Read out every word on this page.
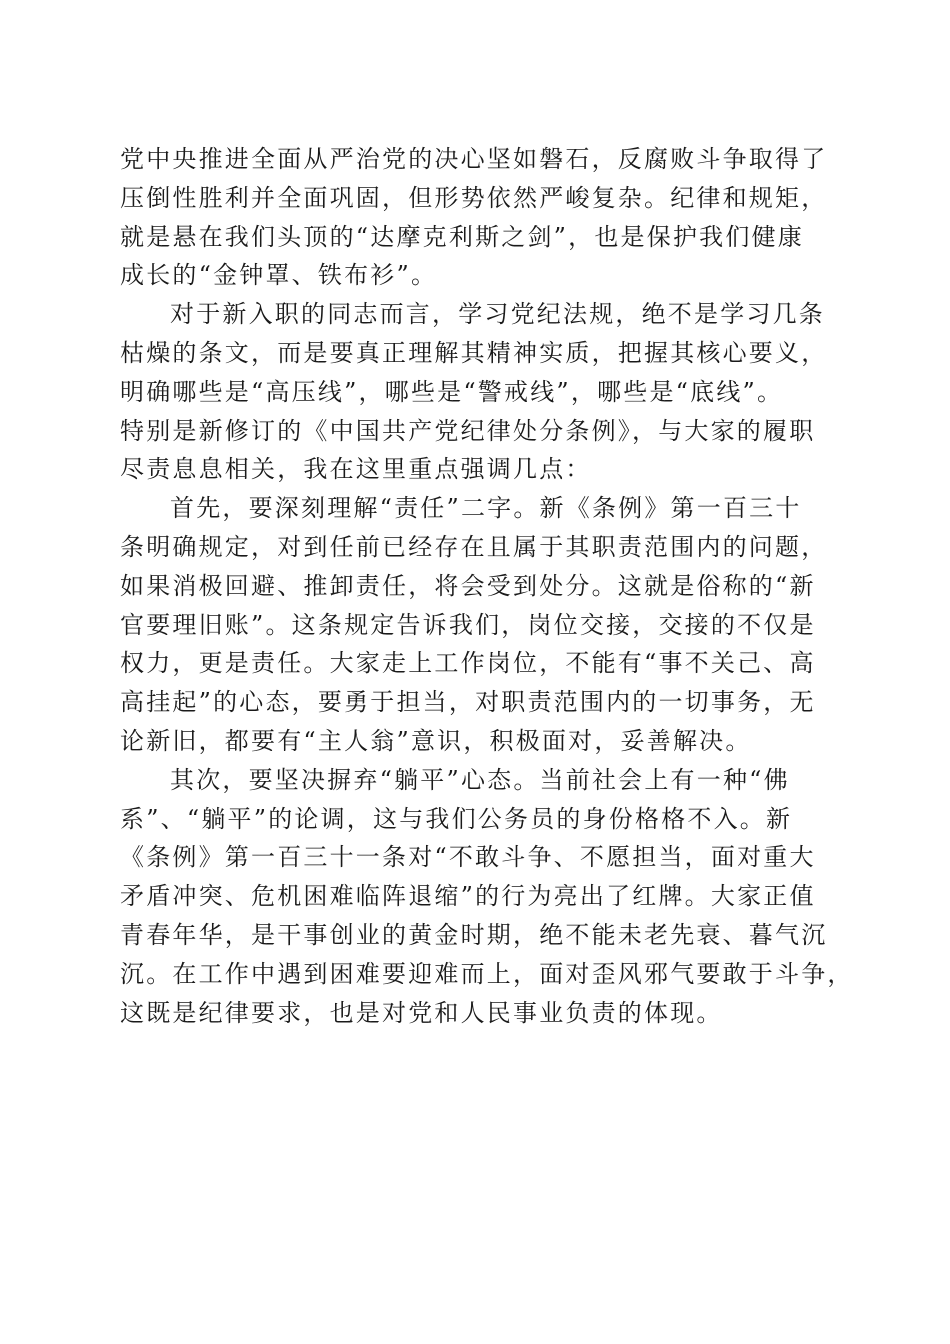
党中央推进全面从严治党的决心坚如磐石，反腐败斗争取得了
压倒性胜利并全面巩固，但形势依然严峻复杂。纪律和规矩，
就是悬在我们头顶的“达摩克利斯之剑”，也是保护我们健康
成长的“金钟罩、铁布衫”。
对于新入职的同志而言，学习党纪法规，绝不是学习几条
枯燥的条文，而是要真正理解其精神实质，把握其核心要义，
明确哪些是“高压线”，哪些是“警戒线”，哪些是“底线”。
特别是新修订的《中国共产党纪律处分条例》，与大家的履职
尽责息息相关，我在这里重点强调几点：
首先，要深刻理解“责任”二字。新《条例》第一百三十
条明确规定，对到任前已经存在且属于其职责范围内的问题，
如果消极回避、推卸责任，将会受到处分。这就是俗称的“新
官要理旧账”。这条规定告诉我们，岗位交接，交接的不仅是
权力，更是责任。大家走上工作岗位，不能有“事不关己、高
高挂起”的心态，要勇于担当，对职责范围内的一切事务，无
论新旧，都要有“主人翁”意识，积极面对，妥善解决。
其次，要坚决摒弃“躺平”心态。当前社会上有一种“佛
系”、“躺平”的论调，这与我们公务员的身份格格不入。新
《条例》第一百三十一条对“不敢斗争、不愿担当，面对重大
矛盾冲突、危机困难临阵退缩”的行为亮出了红牌。大家正值
青春年华，是干事创业的黄金时期，绝不能未老先衰、暮气沉
沉。在工作中遇到困难要迎难而上，面对歪风邪气要敢于斗争，
这既是纪律要求，也是对党和人民事业负责的体现。
